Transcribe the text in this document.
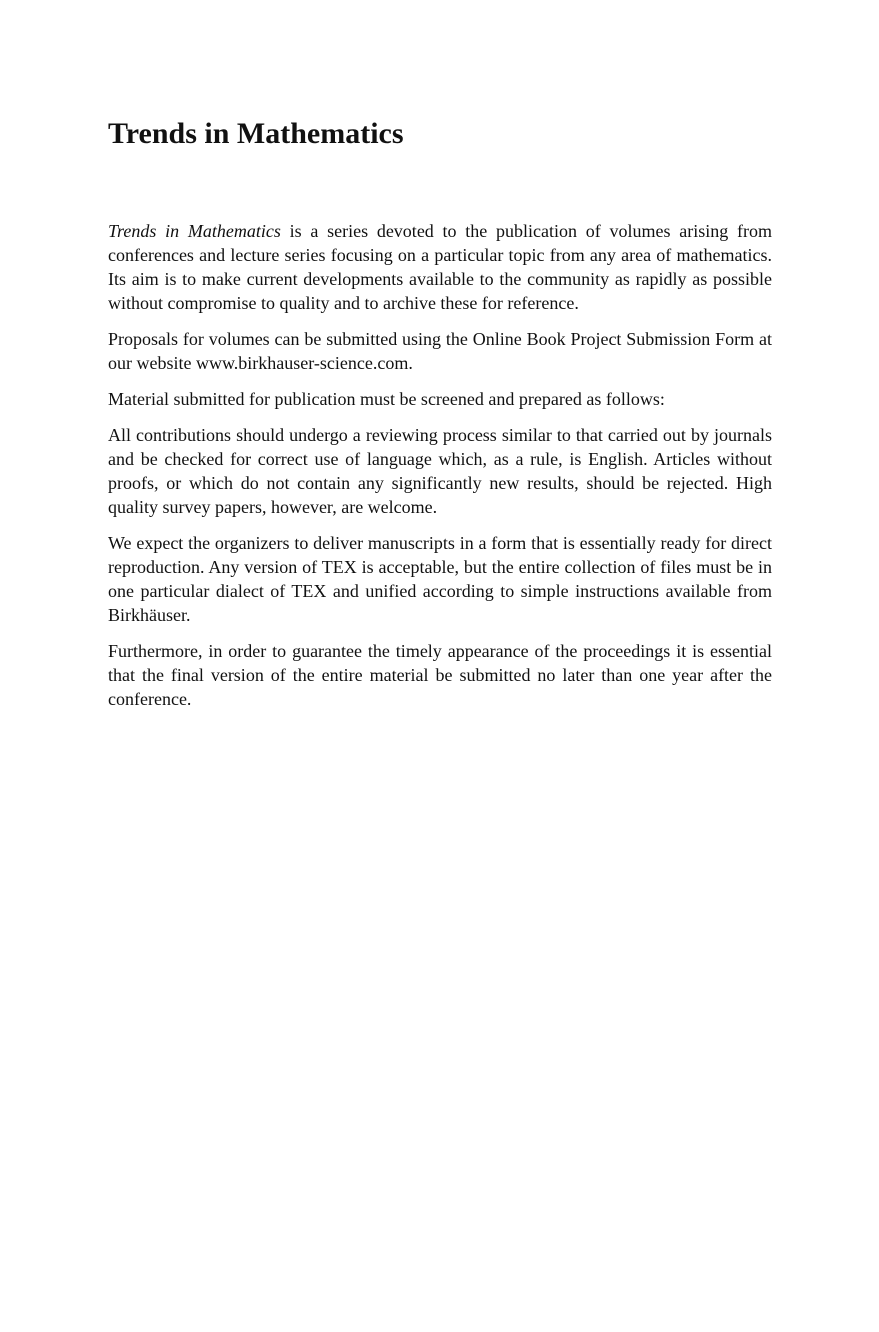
Trends in Mathematics

Trends in Mathematics is a series devoted to the publication of volumes arising from conferences and lecture series focusing on a particular topic from any area of mathematics. Its aim is to make current developments available to the community as rapidly as possible without compromise to quality and to archive these for reference.

Proposals for volumes can be submitted using the Online Book Project Submission Form at our website www.birkhauser-science.com.

Material submitted for publication must be screened and prepared as follows:

All contributions should undergo a reviewing process similar to that carried out by journals and be checked for correct use of language which, as a rule, is English. Articles without proofs, or which do not contain any significantly new results, should be rejected. High quality survey papers, however, are welcome.

We expect the organizers to deliver manuscripts in a form that is essentially ready for direct reproduction. Any version of TEX is acceptable, but the entire collection of files must be in one particular dialect of TEX and unified according to simple instructions available from Birkhäuser.

Furthermore, in order to guarantee the timely appearance of the proceedings it is essential that the final version of the entire material be submitted no later than one year after the conference.
